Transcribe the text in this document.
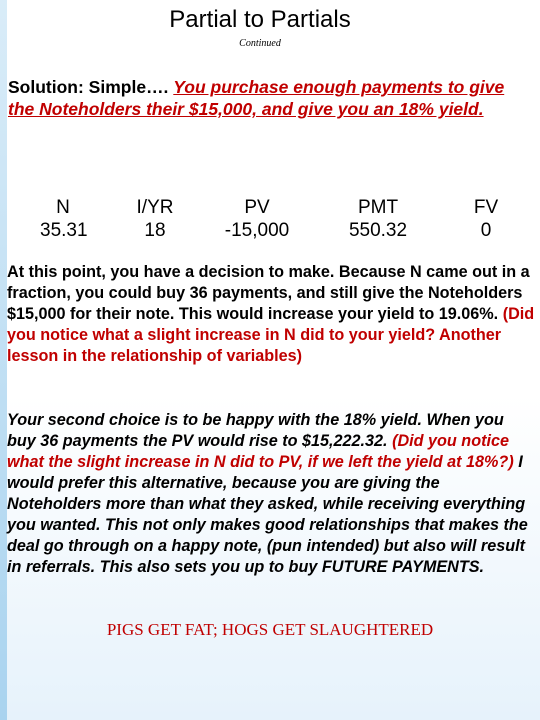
Partial to Partials
Continued
Solution: Simple…. You purchase enough payments to give the Noteholders their $15,000, and give you an 18% yield.
N
35.31
I/YR
18
PV
-15,000
PMT
550.32
FV
0
At this point, you have a decision to make. Because N came out in a fraction, you could buy 36 payments, and still give the Noteholders $15,000 for their note. This would increase your yield to 19.06%. (Did you notice what a slight increase in N did to your yield? Another lesson in the relationship of variables)
Your second choice is to be happy with the 18% yield. When you buy 36 payments the PV would rise to $15,222.32. (Did you notice what the slight increase in N did to PV, if we left the yield at 18%?) I would prefer this alternative, because you are giving the Noteholders more than what they asked, while receiving everything you wanted. This not only makes good relationships that makes the deal go through on a happy note, (pun intended) but also will result in referrals. This also sets you up to buy FUTURE PAYMENTS.
PIGS GET FAT; HOGS GET SLAUGHTERED
